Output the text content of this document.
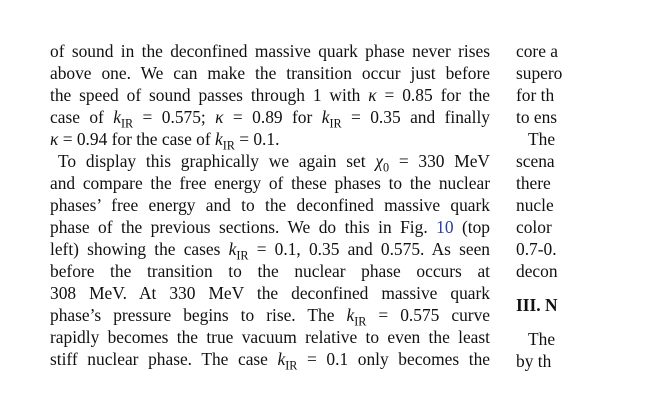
of sound in the deconfined massive quark phase never rises

above one. We can make the transition occur just before

the speed of sound passes through 1 with κ = 0.85 for the

case of $k_{IR} = 0.575$; κ = 0.89 for $k_{IR} = 0.35$ and finally

κ = 0.94 for the case of $k_{IR} = 0.1$.

To display this graphically we again set $\chi_0 = 330$ MeV

and compare the free energy of these phases to the nuclear

phases’ free energy and to the deconfined massive quark

phase of the previous sections. We do this in Fig. 10 (top

left) showing the cases $k_{IR} = 0.1$, 0.35 and 0.575. As seen

before the transition to the nuclear phase occurs at

308 MeV. At 330 MeV the deconfined massive quark

phase’s pressure begins to rise. The $k_{IR} = 0.575$ curve

rapidly becomes the true vacuum relative to even the least

stiff nuclear phase. The case $k_{IR} = 0.1$ only becomes the

core a

supero

for th

to ens

The

scena

there

nucle

color

0.7-0.

decon

III. N

The

by th
